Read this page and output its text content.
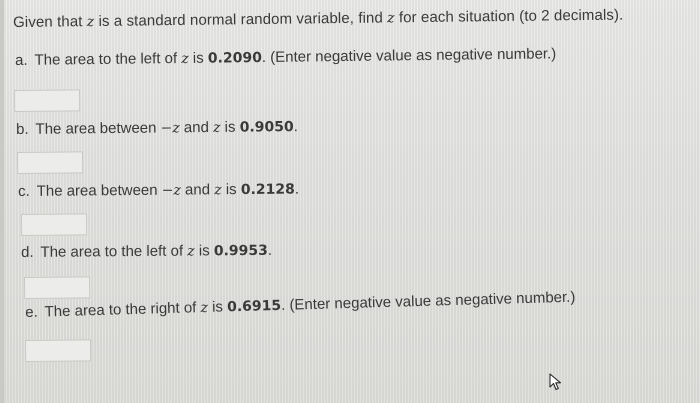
Given that z is a standard normal random variable, find z for each situation (to 2 decimals).
a. The area to the left of z is 0.2090. (Enter negative value as negative number.)
b. The area between −z and z is 0.9050.
c. The area between −z and z is 0.2128.
d. The area to the left of z is 0.9953.
e. The area to the right of z is 0.6915. (Enter negative value as negative number.)
